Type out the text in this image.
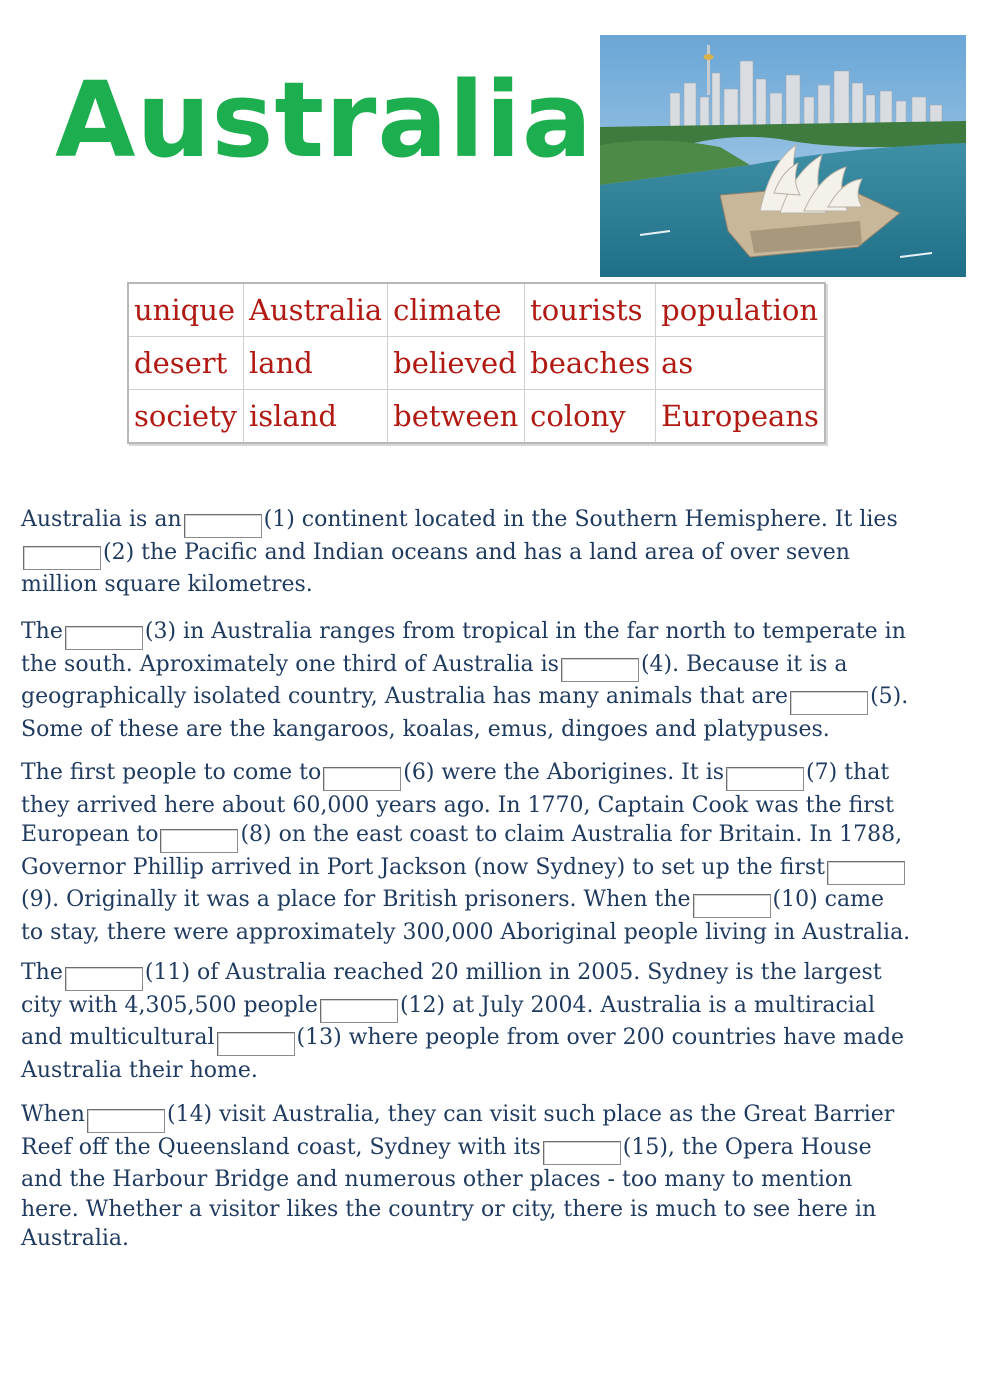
Australia
unique	Australia	climate	tourists	population
desert	land	believed	beaches	as
society	island	between	colony	Europeans

Australia is an	(1) continent located in the Southern Hemisphere. It lies (2) the Pacific and Indian oceans and has a land area of over seven million square kilometres.

The	(3) in Australia ranges from tropical in the far north to temperate in the south. Aproximately one third of Australia is	(4). Because it is a geographically isolated country, Australia has many animals that are	(5). Some of these are the kangaroos, koalas, emus, dingoes and platypuses.

The first people to come to	(6) were the Aborigines. It is	(7) that they arrived here about 60,000 years ago. In 1770, Captain Cook was the first European to	(8) on the east coast to claim Australia for Britain. In 1788, Governor Phillip arrived in Port Jackson (now Sydney) to set up the first (9). Originally it was a place for British prisoners. When the	(10) came to stay, there were approximately 300,000 Aboriginal people living in Australia.

The	(11) of Australia reached 20 million in 2005. Sydney is the largest city with 4,305,500 people	(12) at July 2004. Australia is a multiracial and multicultural	(13) where people from over 200 countries have made Australia their home.

When	(14) visit Australia, they can visit such place as the Great Barrier Reef off the Queensland coast, Sydney with its	(15), the Opera House and the Harbour Bridge and numerous other places - too many to mention here. Whether a visitor likes the country or city, there is much to see here in Australia.
